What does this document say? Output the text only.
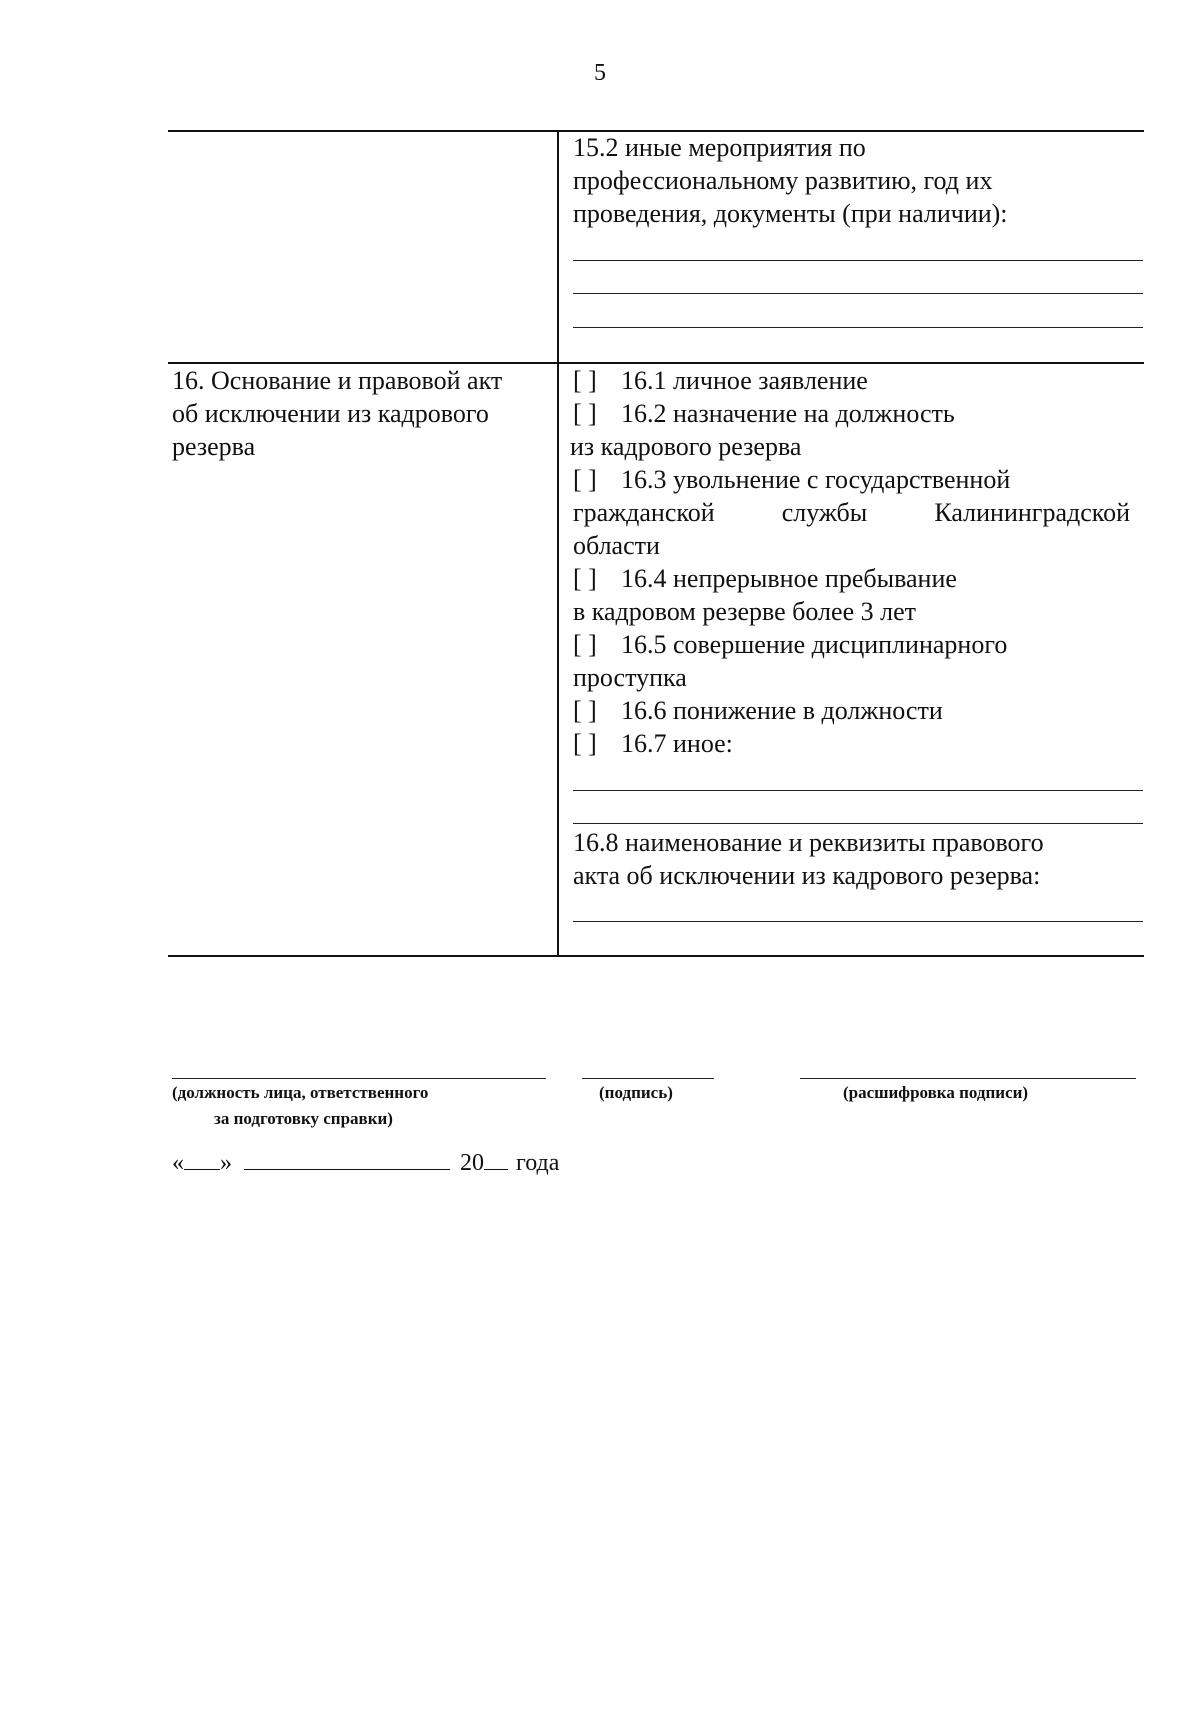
5
15.2 иные мероприятия по
профессиональному развитию, год их
проведения, документы (при наличии):
16. Основание и правовой акт
об исключении из кадрового
резерва
[ ] 16.1 личное заявление
[ ] 16.2 назначение на должность
из кадрового резерва
[ ] 16.3 увольнение с государственной
гражданской службы Калининградской
области
[ ] 16.4 непрерывное пребывание
в кадровом резерве более 3 лет
[ ] 16.5 совершение дисциплинарного
проступка
[ ] 16.6 понижение в должности
[ ] 16.7 иное:
16.8 наименование и реквизиты правового
акта об исключении из кадрового резерва:
(должность лица, ответственного
за подготовку справки)
(подпись)	(расшифровка подписи)
« »	20 года
